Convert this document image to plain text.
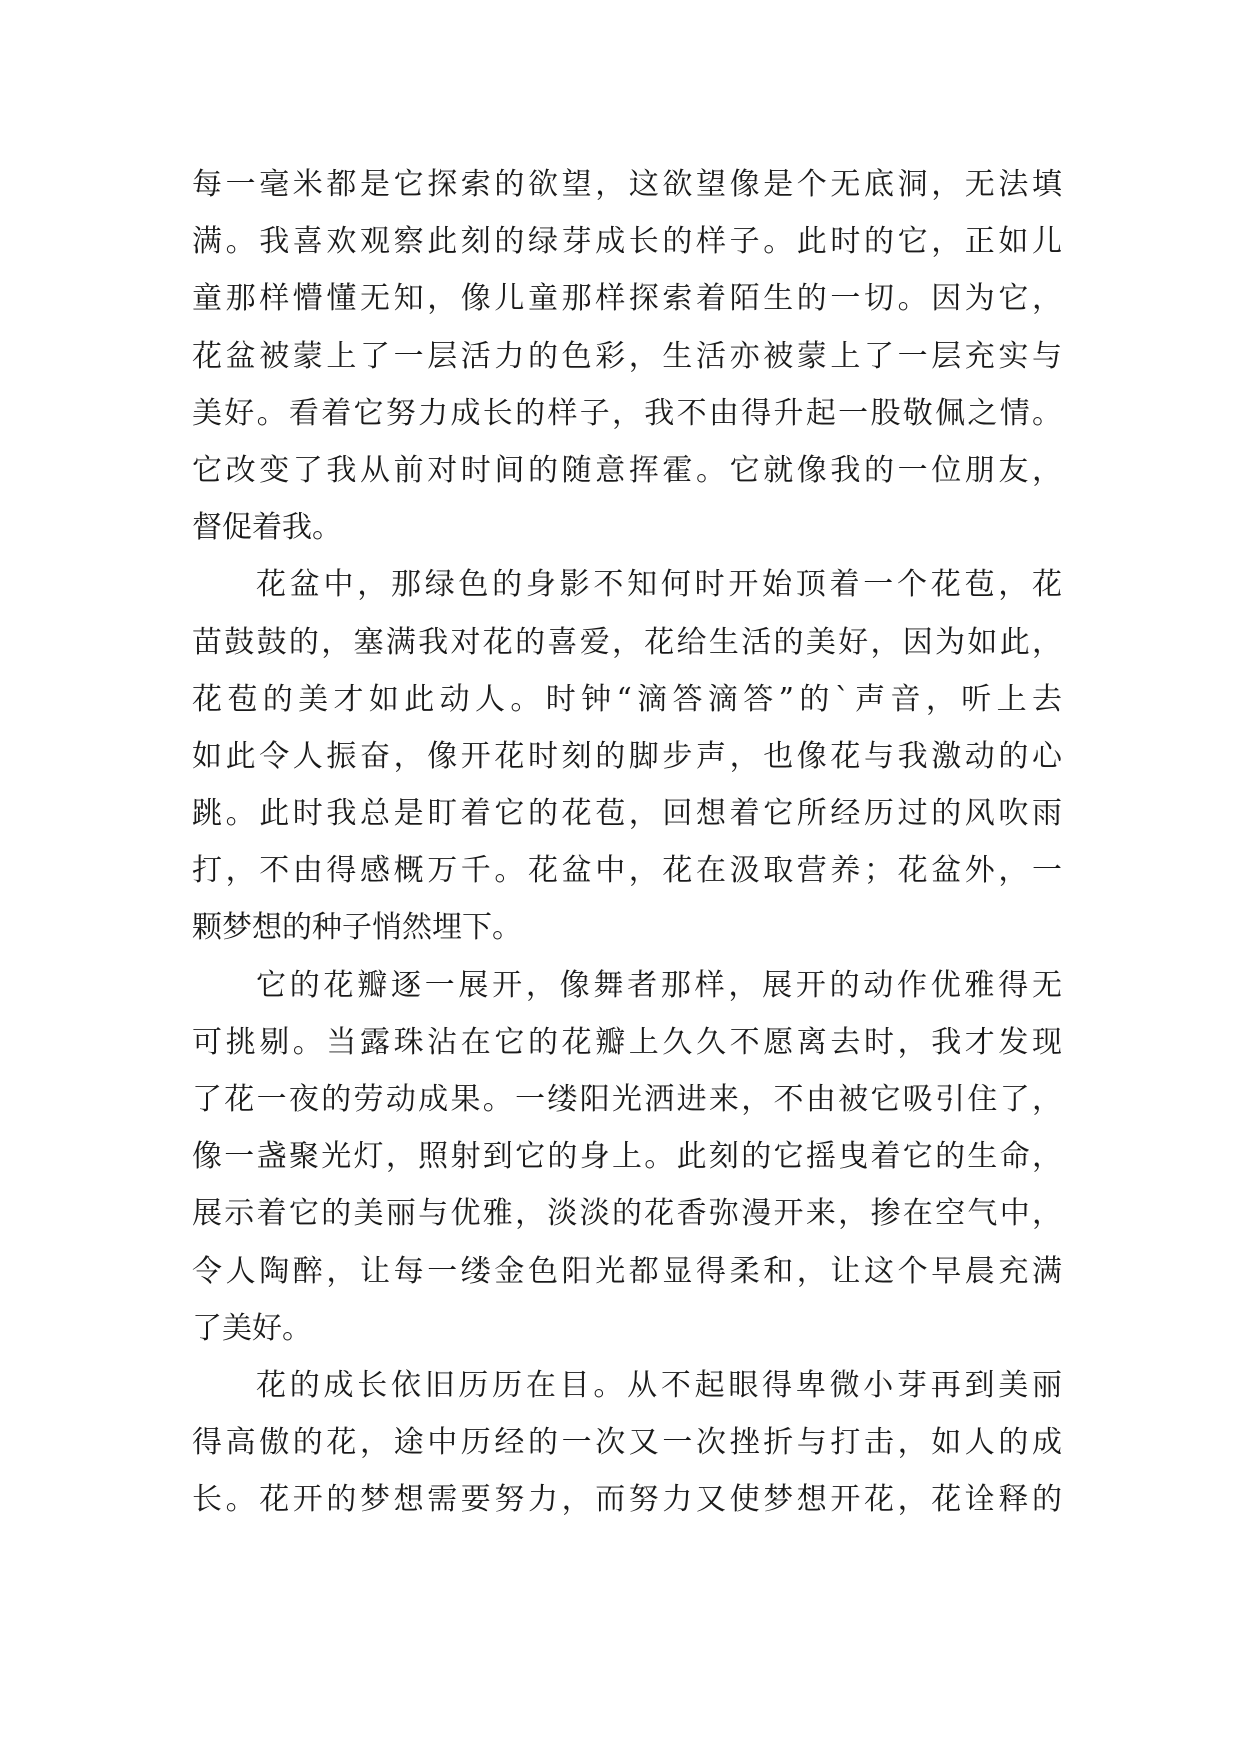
每一毫米都是它探索的欲望，这欲望像是个无底洞，无法填
满。我喜欢观察此刻的绿芽成长的样子。此时的它，正如儿
童那样懵懂无知，像儿童那样探索着陌生的一切。因为它，
花盆被蒙上了一层活力的色彩，生活亦被蒙上了一层充实与
美好。看着它努力成长的样子，我不由得升起一股敬佩之情。
它改变了我从前对时间的随意挥霍。它就像我的一位朋友，
督促着我。
花盆中，那绿色的身影不知何时开始顶着一个花苞，花
苗鼓鼓的，塞满我对花的喜爱，花给生活的美好，因为如此，
花苞的美才如此动人。时钟“滴答滴答”的`声音，听上去
如此令人振奋，像开花时刻的脚步声，也像花与我激动的心
跳。此时我总是盯着它的花苞，回想着它所经历过的风吹雨
打，不由得感概万千。花盆中，花在汲取营养；花盆外，一
颗梦想的种子悄然埋下。
它的花瓣逐一展开，像舞者那样，展开的动作优雅得无
可挑剔。当露珠沾在它的花瓣上久久不愿离去时，我才发现
了花一夜的劳动成果。一缕阳光洒进来，不由被它吸引住了，
像一盏聚光灯，照射到它的身上。此刻的它摇曳着它的生命，
展示着它的美丽与优雅，淡淡的花香弥漫开来，掺在空气中，
令人陶醉，让每一缕金色阳光都显得柔和，让这个早晨充满
了美好。
花的成长依旧历历在目。从不起眼得卑微小芽再到美丽
得高傲的花，途中历经的一次又一次挫折与打击，如人的成
长。花开的梦想需要努力，而努力又使梦想开花，花诠释的
